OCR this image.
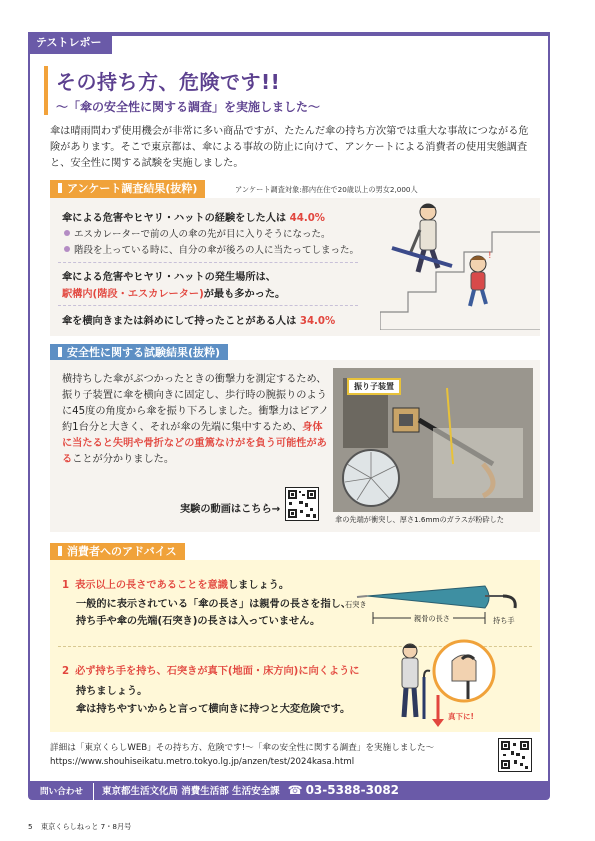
テストレポート
その持ち方、危険です!!
〜「傘の安全性に関する調査」を実施しました〜
傘は晴雨問わず使用機会が非常に多い商品ですが、たたんだ傘の持ち方次第では重大な事故につながる危険があります。そこで東京都は、傘による事故の防止に向けて、アンケートによる消費者の使用実態調査と、安全性に関する試験を実施しました。
アンケート調査結果(抜粋)	アンケート調査対象:都内在住で20歳以上の男女2,000人
傘による危害やヒヤリ・ハットの経験をした人は 44.0%
エスカレーターで前の人の傘の先が目に入りそうになった。
階段を上っている時に、自分の傘が後ろの人に当たってしまった。
傘による危害やヒヤリ・ハットの発生場所は、
駅構内(階段・エスカレーター)が最も多かった。
傘を横向きまたは斜めにして持ったことがある人は 34.0%
!
安全性に関する試験結果(抜粋)
横持ちした傘がぶつかったときの衝撃力を測定するため、振り子装置に傘を横向きに固定し、歩行時の腕振りのように45度の角度から傘を振り下ろしました。衝撃力はピアノ約1台分と大きく、それが傘の先端に集中するため、身体に当たると失明や骨折などの重篤なけがを負う可能性があることが分かりました。
実験の動画はこちら→
振り子装置
傘の先端が衝突し、厚さ1.6mmのガラスが粉砕した
消費者へのアドバイス
1 表示以上の長さであることを意識しましょう。
一般的に表示されている「傘の長さ」は親骨の長さを指し、
持ち手や傘の先端(石突き)の長さは入っていません。
石突き
親骨の長さ	持ち手
2 必ず持ち手を持ち、石突きが真下(地面・床方向)に向くように
持ちましょう。
傘は持ちやすいからと言って横向きに持つと大変危険です。
真下に!
詳細は「東京くらしWEB」その持ち方、危険です!〜「傘の安全性に関する調査」を実施しました〜
https://www.shouhiseikatu.metro.tokyo.lg.jp/anzen/test/2024kasa.html
問い合わせ 東京都生活文化局 消費生活部 生活安全課 ☎ 03-5388-3082
5 東京くらしねっと 7・8月号
